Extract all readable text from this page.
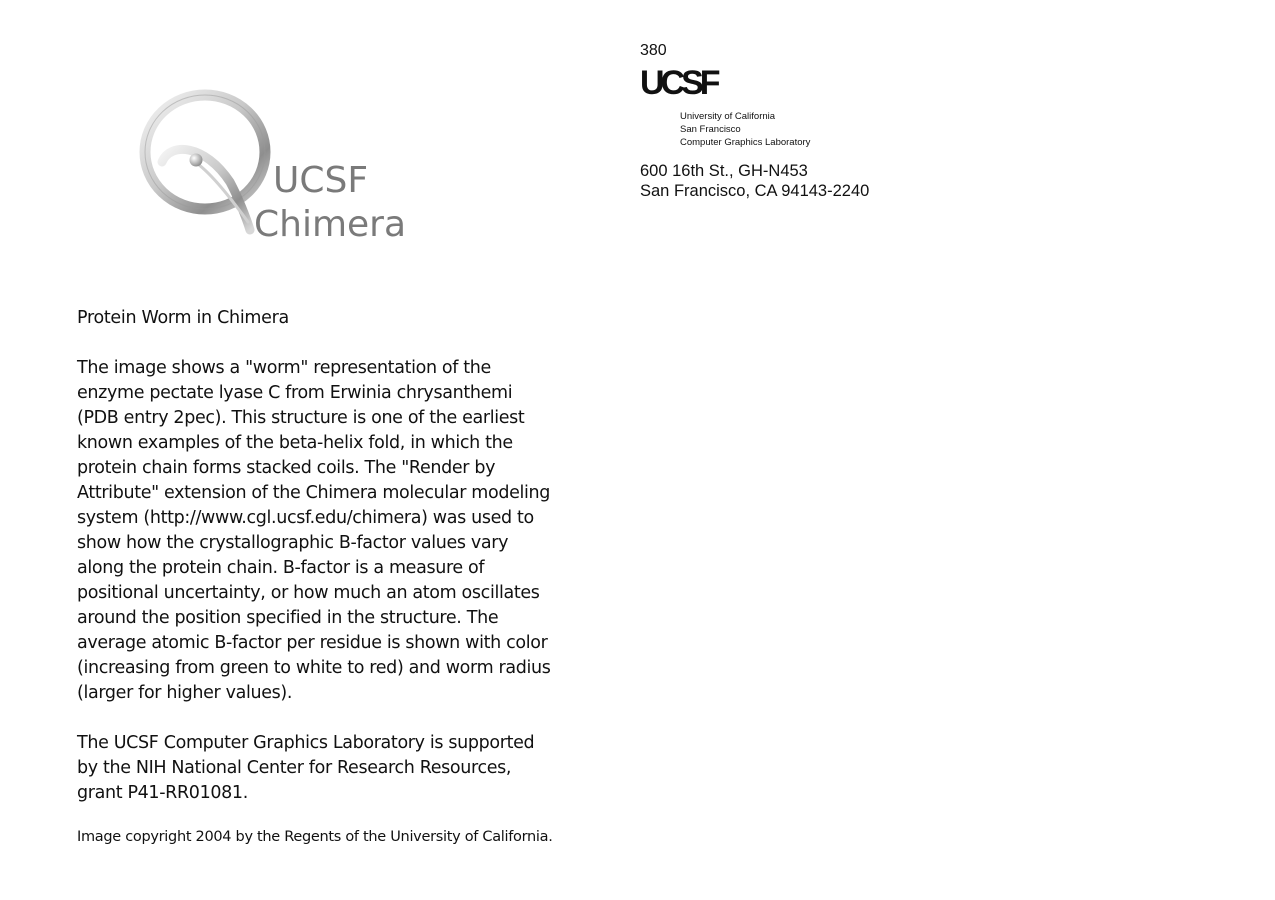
UCSF
Chimera
380
UCSF
University of California
San Francisco
Computer Graphics Laboratory
600 16th St., GH-N453
San Francisco, CA 94143-2240

Protein Worm in Chimera

The image shows a "worm" representation of the enzyme pectate lyase C from Erwinia chrysanthemi (PDB entry 2pec). This structure is one of the earliest known examples of the beta-helix fold, in which the protein chain forms stacked coils. The "Render by Attribute" extension of the Chimera molecular modeling system (http://www.cgl.ucsf.edu/chimera) was used to show how the crystallographic B-factor values vary along the protein chain. B-factor is a measure of positional uncertainty, or how much an atom oscillates around the position specified in the structure. The average atomic B-factor per residue is shown with color (increasing from green to white to red) and worm radius (larger for higher values).

The UCSF Computer Graphics Laboratory is supported by the NIH National Center for Research Resources, grant P41-RR01081.

Image copyright 2004 by the Regents of the University of California.
